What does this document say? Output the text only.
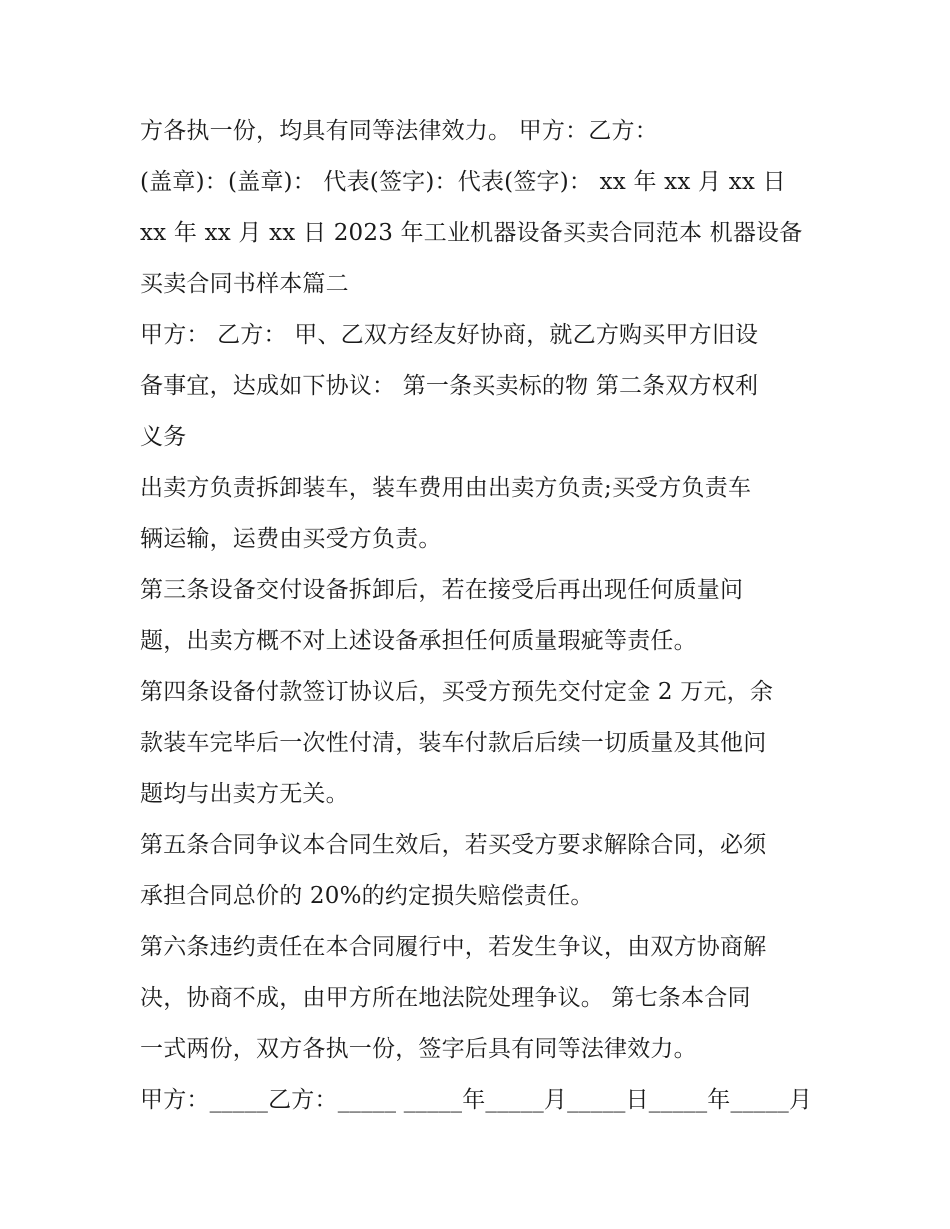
方各执一份，均具有同等法律效力。 甲方：乙方：
(盖章)：(盖章)： 代表(签字)：代表(签字)： xx 年 xx 月 xx 日
xx 年 xx 月 xx 日 2023 年工业机器设备买卖合同范本 机器设备
买卖合同书样本篇二
甲方： 乙方： 甲、乙双方经友好协商，就乙方购买甲方旧设
备事宜，达成如下协议： 第一条买卖标的物 第二条双方权利
义务
出卖方负责拆卸装车，装车费用由出卖方负责;买受方负责车
辆运输，运费由买受方负责。
第三条设备交付设备拆卸后，若在接受后再出现任何质量问
题，出卖方概不对上述设备承担任何质量瑕疵等责任。
第四条设备付款签订协议后，买受方预先交付定金 2 万元，余
款装车完毕后一次性付清，装车付款后后续一切质量及其他问
题均与出卖方无关。
第五条合同争议本合同生效后，若买受方要求解除合同，必须
承担合同总价的 20%的约定损失赔偿责任。
第六条违约责任在本合同履行中，若发生争议，由双方协商解
决，协商不成，由甲方所在地法院处理争议。 第七条本合同
一式两份，双方各执一份，签字后具有同等法律效力。
甲方：_____乙方：_____ _____年_____月_____日_____年_____月
